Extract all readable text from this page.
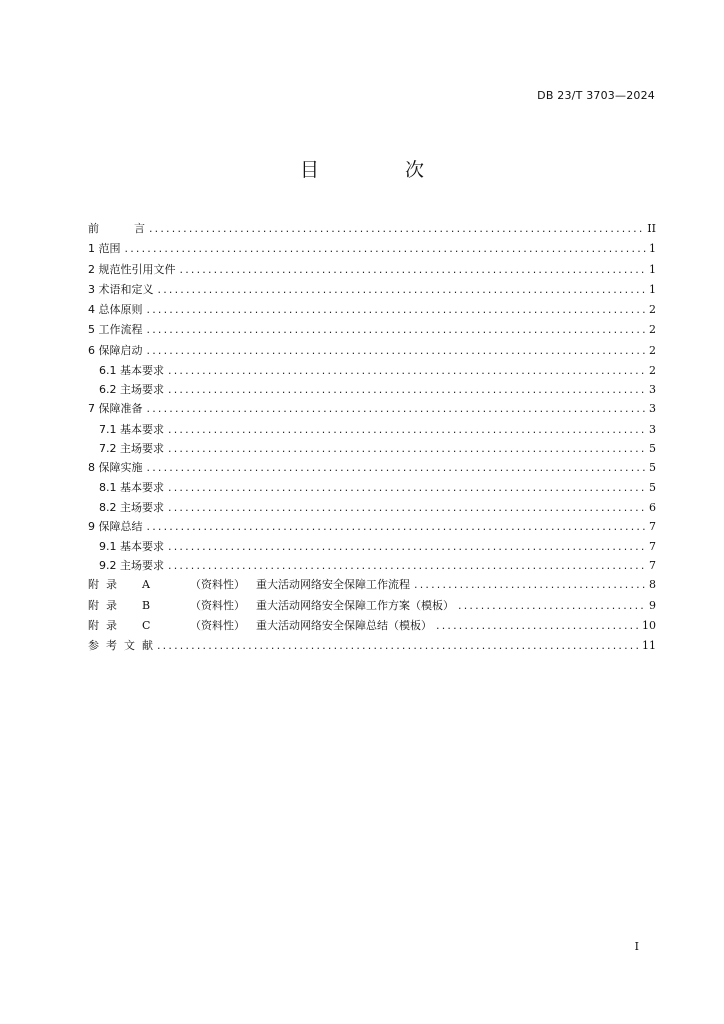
DB 23/T 3703—2024
目 次
前          言 .....	II
1 范围 .....	1
2 规范性引用文件 .....	1
3 术语和定义 .....	1
4 总体原则 .....	2
5 工作流程 .....	2
6 保障启动 .....	2
6.1 基本要求 .....	2
6.2 主场要求 .....	3
7 保障准备 .....	3
7.1 基本要求 .....	3
7.2 主场要求 .....	5
8 保障实施 .....	5
8.1 基本要求 .....	5
8.2 主场要求 .....	6
9 保障总结 .....	7
9.1 基本要求 .....	7
9.2 主场要求 .....	7
附  录 A	（资料性） 重大活动网络安全保障工作流程 .....	8
附  录 B	（资料性） 重大活动网络安全保障工作方案（模板） .....	9
附  录 C	（资料性） 重大活动网络安全保障总结（模板） .....	10
参  考  文  献 .....	11
I
